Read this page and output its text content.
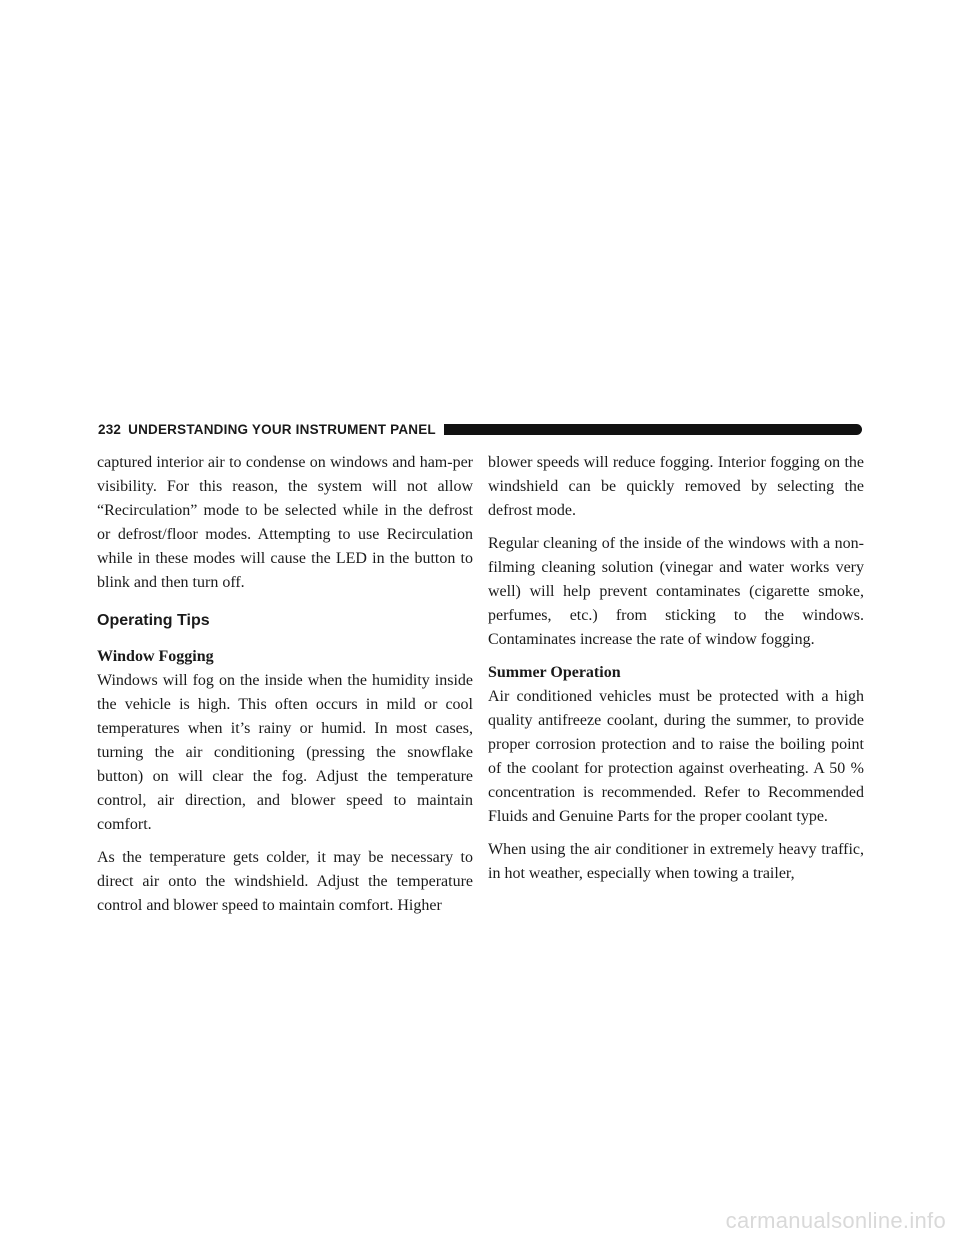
232 UNDERSTANDING YOUR INSTRUMENT PANEL

captured interior air to condense on windows and ham-per visibility. For this reason, the system will not allow “Recirculation” mode to be selected while in the defrost or defrost/floor modes. Attempting to use Recirculation while in these modes will cause the LED in the button to blink and then turn off.

Operating Tips
Window Fogging

Windows will fog on the inside when the humidity inside the vehicle is high. This often occurs in mild or cool temperatures when it’s rainy or humid. In most cases, turning the air conditioning (pressing the snowflake button) on will clear the fog. Adjust the temperature control, air direction, and blower speed to maintain comfort.

As the temperature gets colder, it may be necessary to direct air onto the windshield. Adjust the temperature control and blower speed to maintain comfort. Higher

blower speeds will reduce fogging. Interior fogging on the windshield can be quickly removed by selecting the defrost mode.

Regular cleaning of the inside of the windows with a non-filming cleaning solution (vinegar and water works very well) will help prevent contaminates (cigarette smoke, perfumes, etc.) from sticking to the windows. Contaminates increase the rate of window fogging.

Summer Operation

Air conditioned vehicles must be protected with a high quality antifreeze coolant, during the summer, to provide proper corrosion protection and to raise the boiling point of the coolant for protection against overheating. A 50 % concentration is recommended. Refer to Recommended Fluids and Genuine Parts for the proper coolant type.

When using the air conditioner in extremely heavy traffic, in hot weather, especially when towing a trailer,

carmanualsonline.info
